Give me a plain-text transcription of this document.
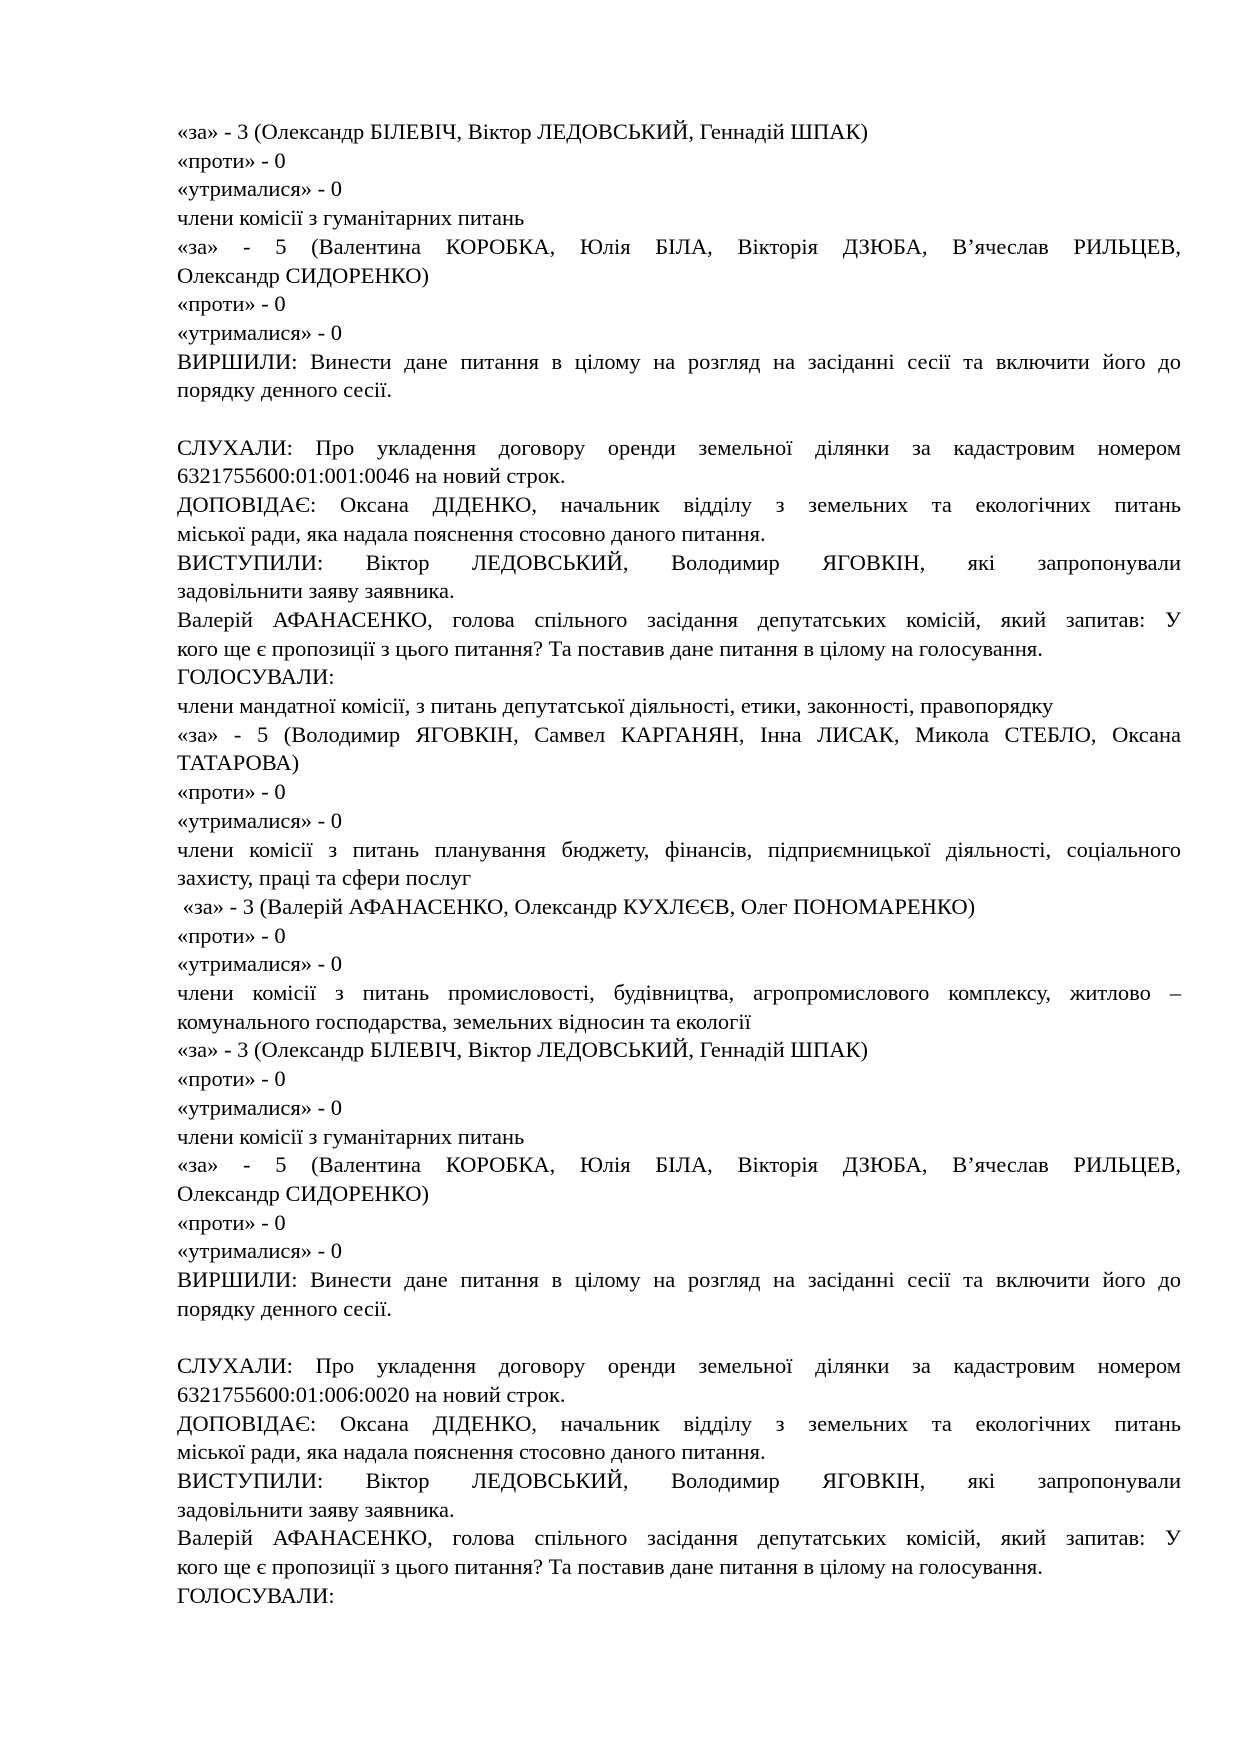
«за» - 3 (Олександр БІЛЕВІЧ, Віктор ЛЕДОВСЬКИЙ, Геннадій ШПАК)
«проти» - 0
«утрималися» - 0
члени комісії з гуманітарних питань
«за» - 5 (Валентина КОРОБКА, Юлія БІЛА, Вікторія ДЗЮБА, В’ячеслав РИЛЬЦЕВ,
Олександр СИДОРЕНКО)
«проти» - 0
«утрималися» - 0
ВИРШИЛИ: Винести дане питання в цілому на розгляд на засіданні сесії та включити його до
порядку денного сесії.
СЛУХАЛИ: Про укладення договору оренди земельної ділянки за кадастровим номером
6321755600:01:001:0046 на новий строк.
ДОПОВІДАЄ: Оксана ДІДЕНКО, начальник відділу з земельних та екологічних питань
міської ради, яка надала пояснення стосовно даного питання.
ВИСТУПИЛИ: Віктор ЛЕДОВСЬКИЙ, Володимир ЯГОВКІН, які запропонували
задовільнити заяву заявника.
Валерій АФАНАСЕНКО, голова спільного засідання депутатських комісій, який запитав: У
кого ще є пропозиції з цього питання? Та поставив дане питання в цілому на голосування.
ГОЛОСУВАЛИ:
члени мандатної комісії, з питань депутатської діяльності, етики, законності, правопорядку
«за» - 5 (Володимир ЯГОВКІН, Самвел КАРГАНЯН, Інна ЛИСАК, Микола СТЕБЛО, Оксана
ТАТАРОВА)
«проти» - 0
«утрималися» - 0
члени комісії з питань планування бюджету, фінансів, підприємницької діяльності, соціального
захисту, праці та сфери послуг
«за» - 3 (Валерій АФАНАСЕНКО, Олександр КУХЛЄЄВ, Олег ПОНОМАРЕНКО)
«проти» - 0
«утрималися» - 0
члени комісії з питань промисловості, будівництва, агропромислового комплексу, житлово –
комунального господарства, земельних відносин та екології
«за» - 3 (Олександр БІЛЕВІЧ, Віктор ЛЕДОВСЬКИЙ, Геннадій ШПАК)
«проти» - 0
«утрималися» - 0
члени комісії з гуманітарних питань
«за» - 5 (Валентина КОРОБКА, Юлія БІЛА, Вікторія ДЗЮБА, В’ячеслав РИЛЬЦЕВ,
Олександр СИДОРЕНКО)
«проти» - 0
«утрималися» - 0
ВИРШИЛИ: Винести дане питання в цілому на розгляд на засіданні сесії та включити його до
порядку денного сесії.
СЛУХАЛИ: Про укладення договору оренди земельної ділянки за кадастровим номером
6321755600:01:006:0020 на новий строк.
ДОПОВІДАЄ: Оксана ДІДЕНКО, начальник відділу з земельних та екологічних питань
міської ради, яка надала пояснення стосовно даного питання.
ВИСТУПИЛИ: Віктор ЛЕДОВСЬКИЙ, Володимир ЯГОВКІН, які запропонували
задовільнити заяву заявника.
Валерій АФАНАСЕНКО, голова спільного засідання депутатських комісій, який запитав: У
кого ще є пропозиції з цього питання? Та поставив дане питання в цілому на голосування.
ГОЛОСУВАЛИ:
